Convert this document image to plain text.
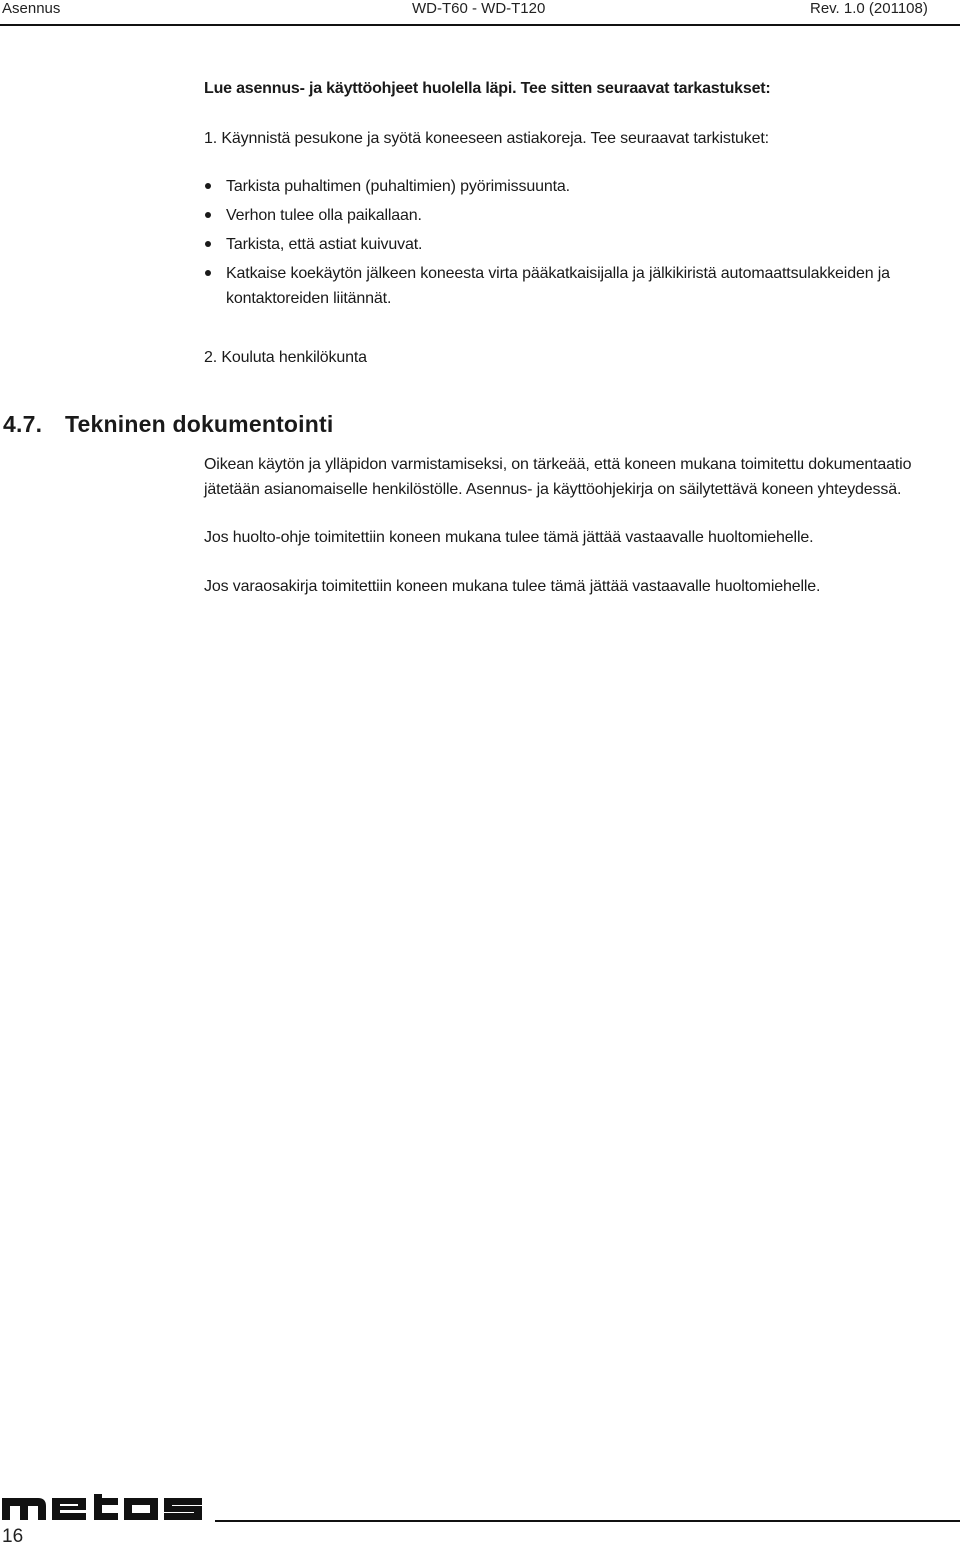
Asennus	WD-T60 - WD-T120	Rev. 1.0 (201108)
Lue asennus- ja käyttöohjeet huolella läpi. Tee sitten seuraavat tarkastukset:
1. Käynnistä pesukone ja syötä koneeseen astiakoreja. Tee seuraavat tarkistuket:
Tarkista puhaltimen (puhaltimien) pyörimissuunta.
Verhon tulee olla paikallaan.
Tarkista, että astiat kuivuvat.
Katkaise koekäytön jälkeen koneesta virta pääkatkaisijalla ja jälkikiristä automaattsulakkeiden ja kontaktoreiden liitännät.
2. Kouluta henkilökunta
4.7. Tekninen dokumentointi
Oikean käytön ja ylläpidon varmistamiseksi, on tärkeää, että koneen mukana toimitettu dokumentaatio jätetään asianomaiselle henkilöstölle. Asennus- ja käyttöohjekirja on säilytettävä koneen yhteydessä.
Jos huolto-ohje toimitettiin koneen mukana tulee tämä jättää vastaavalle huoltomiehelle.
Jos varaosakirja toimitettiin koneen mukana tulee tämä jättää vastaavalle huoltomiehelle.
16
